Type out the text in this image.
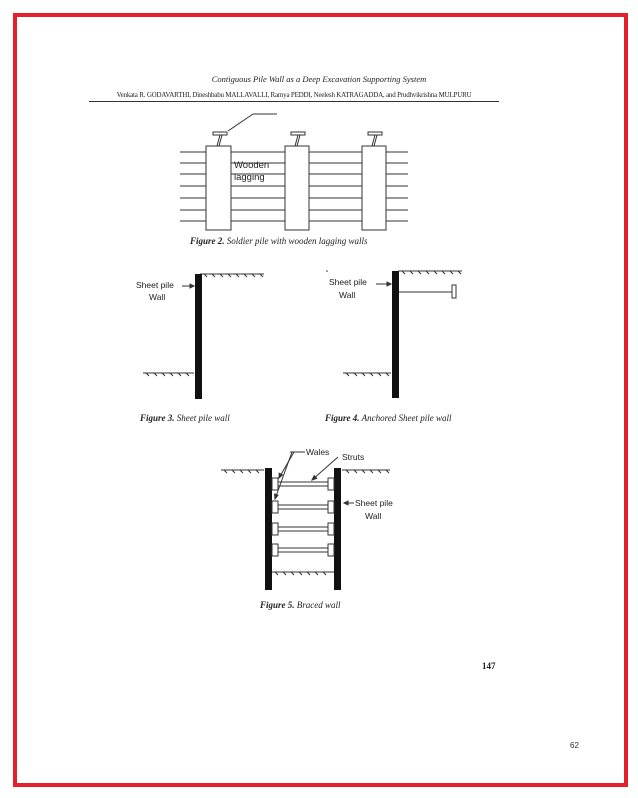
Contiguous Pile Wall as a Deep Excavation Supporting System
Venkata R. GODAVARTHI, Dineshbabu MALLAVALLI, Ramya PEDDI, Neelesh KATRAGADDA, and Prudhvikrishna MULPURU
Wooden
lagging
Sheet pile
Wall
Sheet pile
Wall
Wales Struts
Sheet pile
Wall
Figure 2. Soldier pile with wooden lagging walls
Figure 3. Sheet pile wall	Figure 4. Anchored Sheet pile wall
Figure 5. Braced wall
147
62
